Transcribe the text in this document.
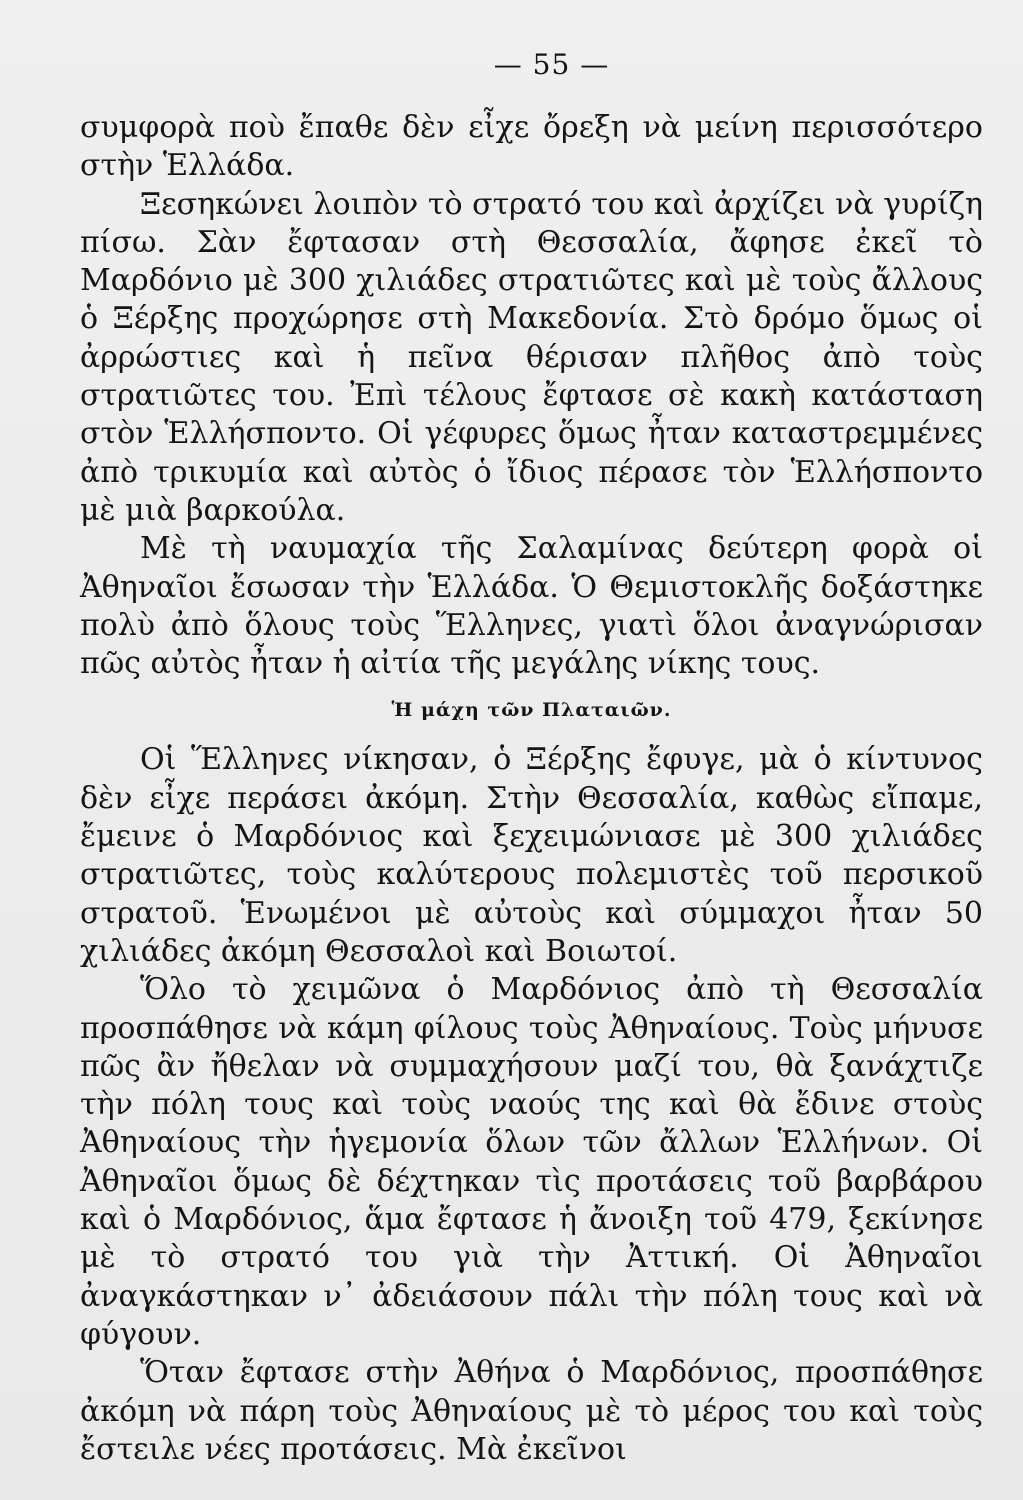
— 55 —

συμφορὰ ποὺ ἔπαθε δὲν εἶχε ὄρεξη νὰ μείνη περισσότερο στὴν Ἑλλάδα.

Ξεσηκώνει λοιπὸν τὸ στρατό του καὶ ἀρχίζει νὰ γυρίζη πίσω. Σὰν ἔφτασαν στὴ Θεσσαλία, ἄφησε ἐκεῖ τὸ Μαρδόνιο μὲ 300 χιλιάδες στρατιῶτες καὶ μὲ τοὺς ἄλλους ὁ Ξέρξης προχώρησε στὴ Μακεδονία. Στὸ δρόμο ὅμως οἱ ἀρρώστιες καὶ ἡ πεῖνα θέρισαν πλῆθος ἀπὸ τοὺς στρατιῶτες του. Ἐπὶ τέλους ἔφτασε σὲ κακὴ κατάσταση στὸν Ἑλλήσποντο. Οἱ γέφυρες ὅμως ἦταν καταστρεμμένες ἀπὸ τρικυμία καὶ αὐτὸς ὁ ἴδιος πέρασε τὸν Ἑλλήσποντο μὲ μιὰ βαρκούλα.

Μὲ τὴ ναυμαχία τῆς Σαλαμίνας δεύτερη φορὰ οἱ Ἀθηναῖοι ἔσωσαν τὴν Ἑλλάδα. Ὁ Θεμιστοκλῆς δοξάστηκε πολὺ ἀπὸ ὅλους τοὺς Ἕλληνες, γιατὶ ὅλοι ἀναγνώρισαν πῶς αὐτὸς ἦταν ἡ αἰτία τῆς μεγάλης νίκης τους.

Ἡ μάχη τῶν Πλαταιῶν.

Οἱ Ἕλληνες νίκησαν, ὁ Ξέρξης ἔφυγε, μὰ ὁ κίντυνος δὲν εἶχε περάσει ἀκόμη. Στὴν Θεσσαλία, καθὼς εἴπαμε, ἔμεινε ὁ Μαρδόνιος καὶ ξεχειμώνιασε μὲ 300 χιλιάδες στρατιῶτες, τοὺς καλύτερους πολεμιστὲς τοῦ περσικοῦ στρατοῦ. Ἑνωμένοι μὲ αὐτοὺς καὶ σύμμαχοι ἦταν 50 χιλιάδες ἀκόμη Θεσσαλοὶ καὶ Βοιωτοί.

Ὅλο τὸ χειμῶνα ὁ Μαρδόνιος ἀπὸ τὴ Θεσσαλία προσπάθησε νὰ κάμη φίλους τοὺς Ἀθηναίους. Τοὺς μήνυσε πῶς ἂν ἤθελαν νὰ συμμαχήσουν μαζί του, θὰ ξανάχτιζε τὴν πόλη τους καὶ τοὺς ναούς της καὶ θὰ ἔδινε στοὺς Ἀθηναίους τὴν ἡγεμονία ὅλων τῶν ἄλλων Ἑλλήνων. Οἱ Ἀθηναῖοι ὅμως δὲ δέχτηκαν τὶς προτάσεις τοῦ βαρβάρου καὶ ὁ Μαρδόνιος, ἅμα ἔφτασε ἡ ἄνοιξη τοῦ 479, ξεκίνησε μὲ τὸ στρατό του γιὰ τὴν Ἀττική. Οἱ Ἀθηναῖοι ἀναγκάστηκαν ν᾿ ἀδειάσουν πάλι τὴν πόλη τους καὶ νὰ φύγουν.

Ὅταν ἔφτασε στὴν Ἀθήνα ὁ Μαρδόνιος, προσπάθησε ἀκόμη νὰ πάρη τοὺς Ἀθηναίους μὲ τὸ μέρος του καὶ τοὺς ἔστειλε νέες προτάσεις. Μὰ ἐκεῖνοι
